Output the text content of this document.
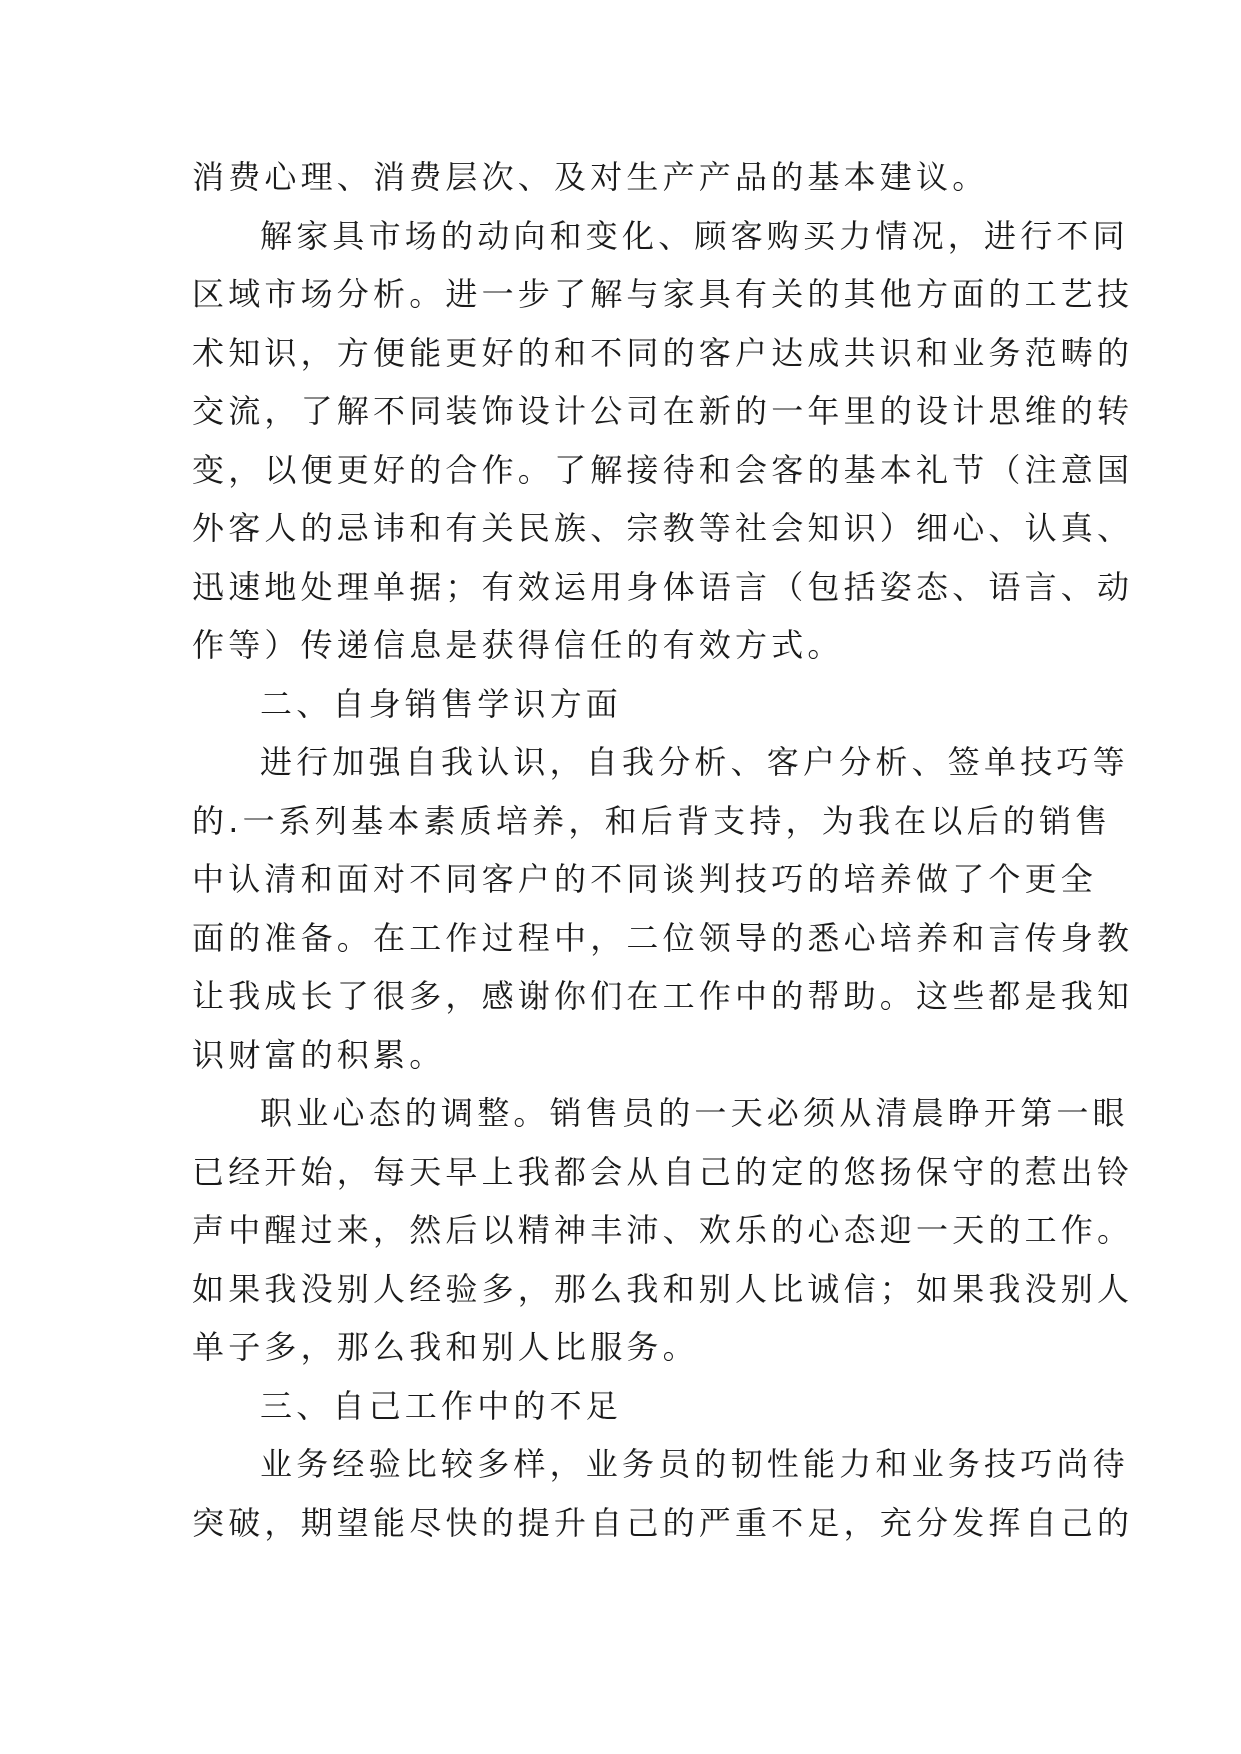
消费心理、消费层次、及对生产产品的基本建议。
解家具市场的动向和变化、顾客购买力情况，进行不同
区域市场分析。进一步了解与家具有关的其他方面的工艺技
术知识，方便能更好的和不同的客户达成共识和业务范畴的
交流，了解不同装饰设计公司在新的一年里的设计思维的转
变，以便更好的合作。了解接待和会客的基本礼节（注意国
外客人的忌讳和有关民族、宗教等社会知识）细心、认真、
迅速地处理单据；有效运用身体语言（包括姿态、语言、动
作等）传递信息是获得信任的有效方式。
二、自身销售学识方面
进行加强自我认识，自我分析、客户分析、签单技巧等
的.一系列基本素质培养，和后背支持，为我在以后的销售
中认清和面对不同客户的不同谈判技巧的培养做了个更全
面的准备。在工作过程中，二位领导的悉心培养和言传身教
让我成长了很多，感谢你们在工作中的帮助。这些都是我知
识财富的积累。
职业心态的调整。销售员的一天必须从清晨睁开第一眼
已经开始，每天早上我都会从自己的定的悠扬保守的惹出铃
声中醒过来，然后以精神丰沛、欢乐的心态迎一天的工作。
如果我没别人经验多，那么我和别人比诚信；如果我没别人
单子多，那么我和别人比服务。
三、自己工作中的不足
业务经验比较多样，业务员的韧性能力和业务技巧尚待
突破，期望能尽快的提升自己的严重不足，充分发挥自己的
